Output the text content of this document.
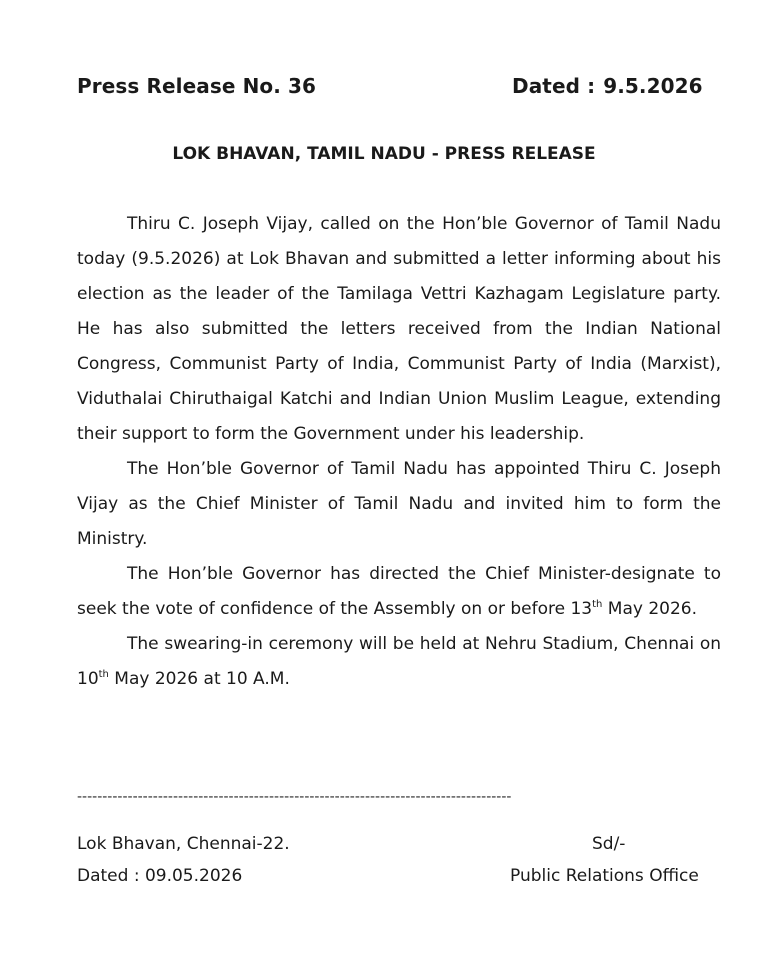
Press Release No. 36	Dated : 9.5.2026
LOK BHAVAN, TAMIL NADU - PRESS RELEASE

Thiru C. Joseph Vijay, called on the Hon’ble Governor of Tamil Nadu today (9.5.2026) at Lok Bhavan and submitted a letter informing about his election as the leader of the Tamilaga Vettri Kazhagam Legislature party. He has also submitted the letters received from the Indian National Congress, Communist Party of India, Communist Party of India (Marxist), Viduthalai Chiruthaigal Katchi and Indian Union Muslim League, extending their support to form the Government under his leadership.

The Hon’ble Governor of Tamil Nadu has appointed Thiru C. Joseph Vijay as the Chief Minister of Tamil Nadu and invited him to form the Ministry.

The Hon’ble Governor has directed the Chief Minister-designate to seek the vote of confidence of the Assembly on or before 13th May 2026.

The swearing-in ceremony will be held at Nehru Stadium, Chennai on 10th May 2026 at 10 A.M.

--------------------------------------------------------------------------------------
Lok Bhavan, Chennai-22.	Sd/-
Dated : 09.05.2026	Public Relations Office
